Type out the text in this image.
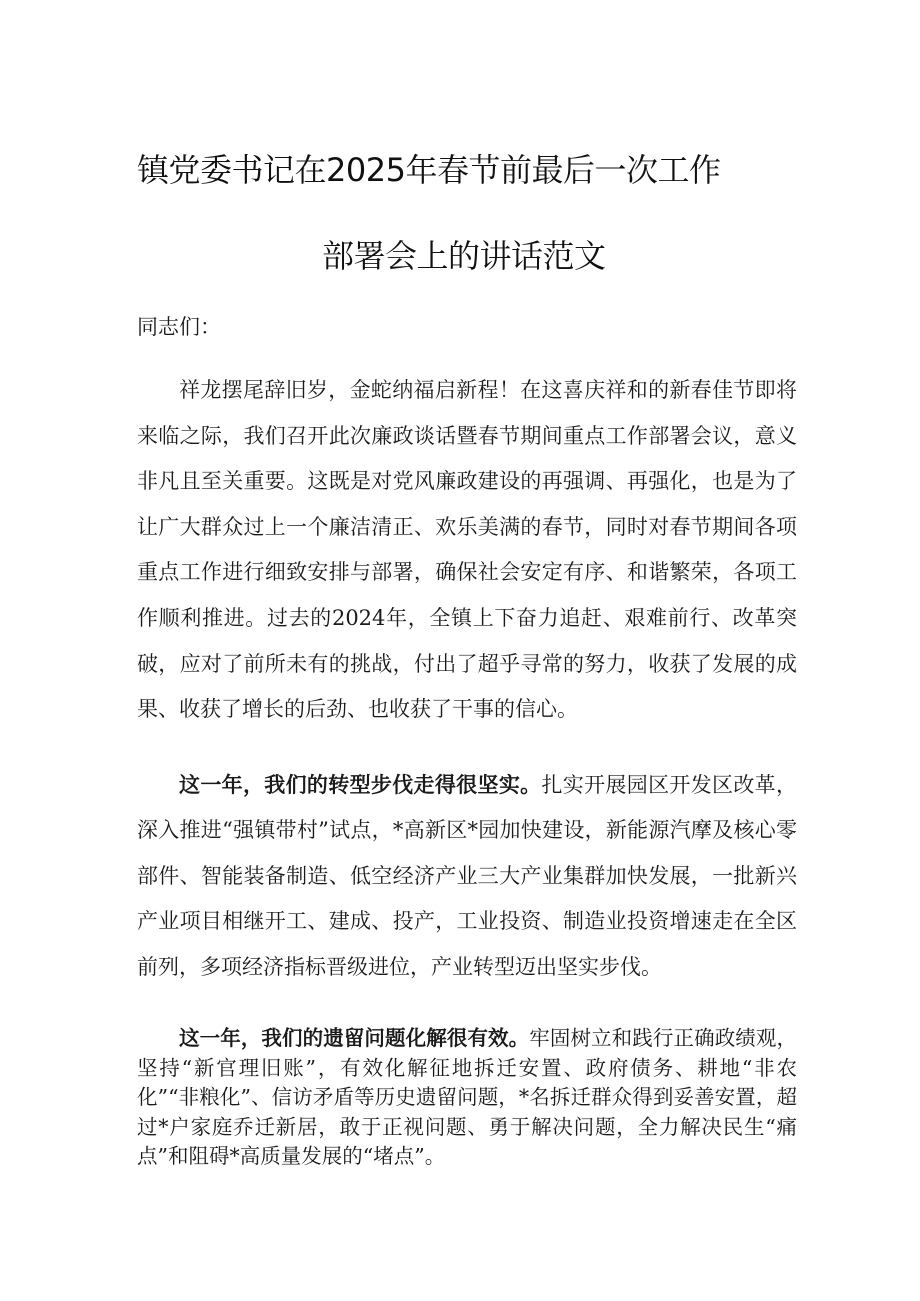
镇党委书记在2025年春节前最后一次工作
部署会上的讲话范文
同志们：
祥龙摆尾辞旧岁，金蛇纳福启新程！在这喜庆祥和的新春佳节即将来临之际，我们召开此次廉政谈话暨春节期间重点工作部署会议，意义非凡且至关重要。这既是对党风廉政建设的再强调、再强化，也是为了让广大群众过上一个廉洁清正、欢乐美满的春节，同时对春节期间各项重点工作进行细致安排与部署，确保社会安定有序、和谐繁荣，各项工作顺利推进。过去的2024年，全镇上下奋力追赶、艰难前行、改革突破，应对了前所未有的挑战，付出了超乎寻常的努力，收获了发展的成果、收获了增长的后劲、也收获了干事的信心。
这一年，我们的转型步伐走得很坚实。扎实开展园区开发区改革，深入推进“强镇带村”试点，*高新区*园加快建设，新能源汽摩及核心零部件、智能装备制造、低空经济产业三大产业集群加快发展，一批新兴产业项目相继开工、建成、投产，工业投资、制造业投资增速走在全区前列，多项经济指标晋级进位，产业转型迈出坚实步伐。
这一年，我们的遗留问题化解很有效。牢固树立和践行正确政绩观，坚持“新官理旧账”，有效化解征地拆迁安置、政府债务、耕地“非农化”“非粮化”、信访矛盾等历史遗留问题，*名拆迁群众得到妥善安置，超过*户家庭乔迁新居，敢于正视问题、勇于解决问题，全力解决民生“痛点”和阻碍*高质量发展的“堵点”。
